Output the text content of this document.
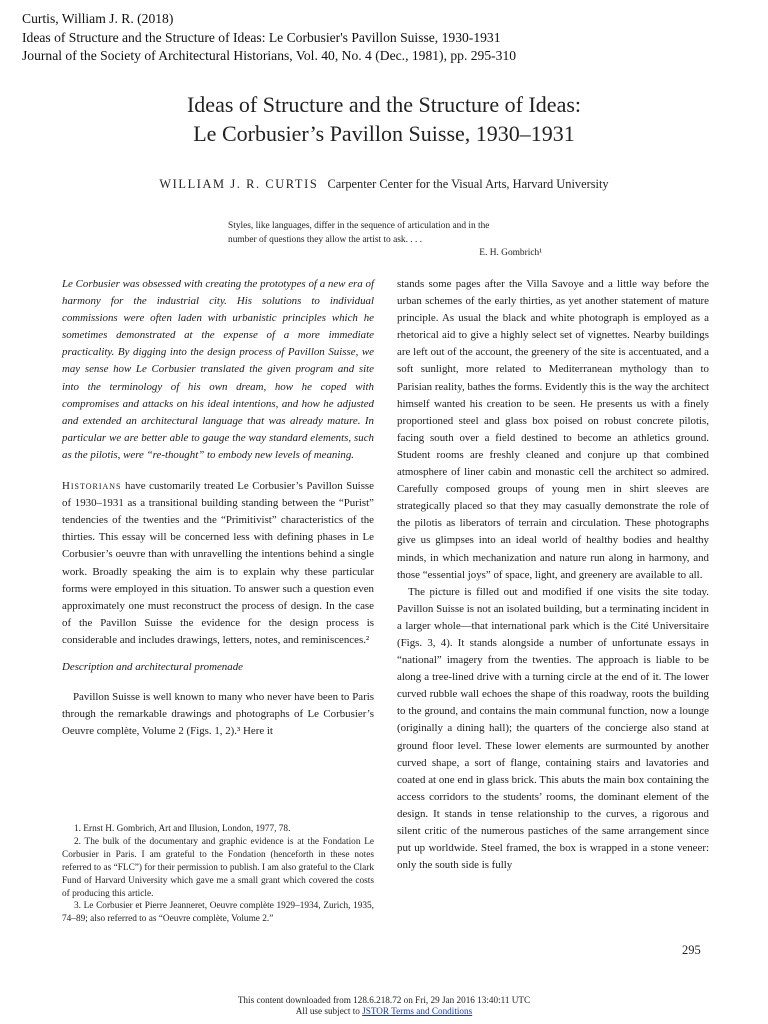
Curtis, William J. R. (2018)
Ideas of Structure and the Structure of Ideas: Le Corbusier's Pavillon Suisse, 1930-1931
Journal of the Society of Architectural Historians, Vol. 40, No. 4 (Dec., 1981), pp. 295-310
Ideas of Structure and the Structure of Ideas:
Le Corbusier’s Pavillon Suisse, 1930–1931
WILLIAM J. R. CURTIS Carpenter Center for the Visual Arts, Harvard University
Styles, like languages, differ in the sequence of articulation and in the
number of questions they allow the artist to ask. . . .
E. H. Gombrich¹

Le Corbusier was obsessed with creating the prototypes of a new era of harmony for the industrial city. His solutions to individual commissions were often laden with urbanistic principles which he sometimes demonstrated at the expense of a more immediate practicality. By digging into the design process of Pavillon Suisse, we may sense how Le Corbusier translated the given program and site into the terminology of his own dream, how he coped with compromises and attacks on his ideal intentions, and how he adjusted and extended an architectural language that was already mature. In particular we are better able to gauge the way standard elements, such as the pilotis, were “re-thought” to embody new levels of meaning.

Historians have customarily treated Le Corbusier’s Pavillon Suisse of 1930–1931 as a transitional building standing between the “Purist” tendencies of the twenties and the “Primitivist” characteristics of the thirties. This essay will be concerned less with defining phases in Le Corbusier’s oeuvre than with unravelling the intentions behind a single work. Broadly speaking the aim is to explain why these particular forms were employed in this situation. To answer such a question even approximately one must reconstruct the process of design. In the case of the Pavillon Suisse the evidence for the design process is considerable and includes drawings, letters, notes, and reminiscences.²

Description and architectural promenade

Pavillon Suisse is well known to many who never have been to Paris through the remarkable drawings and photographs of Le Corbusier’s Oeuvre complète, Volume 2 (Figs. 1, 2).³ Here it

stands some pages after the Villa Savoye and a little way before the urban schemes of the early thirties, as yet another statement of mature principle. As usual the black and white photograph is employed as a rhetorical aid to give a highly select set of vignettes. Nearby buildings are left out of the account, the greenery of the site is accentuated, and a soft sunlight, more related to Mediterranean mythology than to Parisian reality, bathes the forms. Evidently this is the way the architect himself wanted his creation to be seen. He presents us with a finely proportioned steel and glass box poised on robust concrete pilotis, facing south over a field destined to become an athletics ground. Student rooms are freshly cleaned and conjure up that combined atmosphere of liner cabin and monastic cell the architect so admired. Carefully composed groups of young men in shirt sleeves are strategically placed so that they may casually demonstrate the role of the pilotis as liberators of terrain and circulation. These photographs give us glimpses into an ideal world of healthy bodies and healthy minds, in which mechanization and nature run along in harmony, and those “essential joys” of space, light, and greenery are available to all.

The picture is filled out and modified if one visits the site today. Pavillon Suisse is not an isolated building, but a terminating incident in a larger whole—that international park which is the Cité Universitaire (Figs. 3, 4). It stands alongside a number of unfortunate essays in “national” imagery from the twenties. The approach is liable to be along a tree-lined drive with a turning circle at the end of it. The lower curved rubble wall echoes the shape of this roadway, roots the building to the ground, and contains the main communal function, now a lounge (originally a dining hall); the quarters of the concierge also stand at ground floor level. These lower elements are surmounted by another curved shape, a sort of flange, containing stairs and lavatories and coated at one end in glass brick. This abuts the main box containing the access corridors to the students’ rooms, the dominant element of the design. It stands in tense relationship to the curves, a rigorous and silent critic of the numerous pastiches of the same arrangement since put up worldwide. Steel framed, the box is wrapped in a stone veneer: only the south side is fully

1. Ernst H. Gombrich, Art and Illusion, London, 1977, 78.

2. The bulk of the documentary and graphic evidence is at the Fondation Le Corbusier in Paris. I am grateful to the Fondation (henceforth in these notes referred to as “FLC”) for their permission to publish. I am also grateful to the Clark Fund of Harvard University which gave me a small grant which covered the costs of producing this article.

3. Le Corbusier et Pierre Jeanneret, Oeuvre complète 1929–1934, Zurich, 1935, 74–89; also referred to as “Oeuvre complète, Volume 2.”

295
This content downloaded from 128.6.218.72 on Fri, 29 Jan 2016 13:40:11 UTC
All use subject to JSTOR Terms and Conditions
